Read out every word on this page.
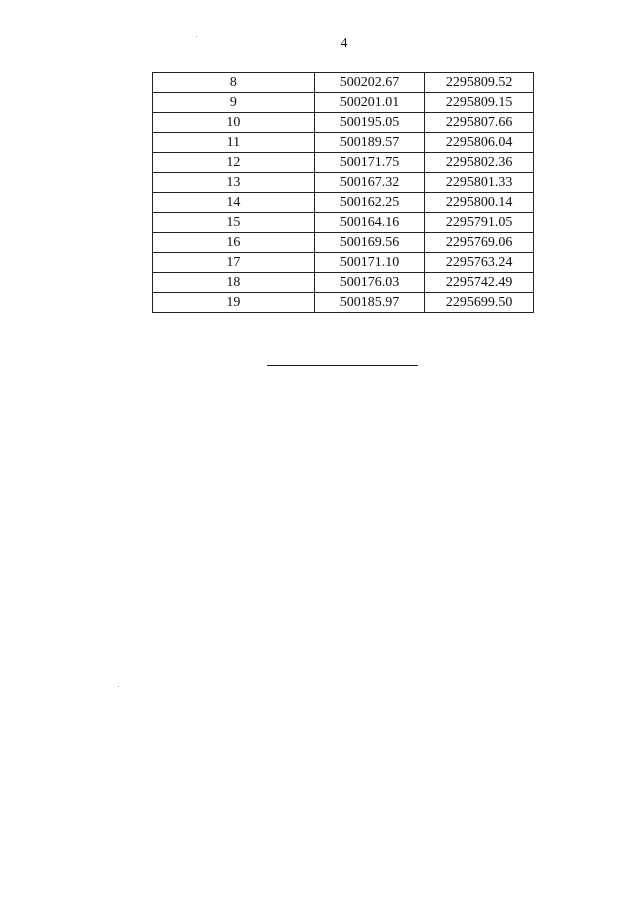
4
8	500202.67	2295809.52
9	500201.01	2295809.15
10	500195.05	2295807.66
11	500189.57	2295806.04
12	500171.75	2295802.36
13	500167.32	2295801.33
14	500162.25	2295800.14
15	500164.16	2295791.05
16	500169.56	2295769.06
17	500171.10	2295763.24
18	500176.03	2295742.49
19	500185.97	2295699.50
